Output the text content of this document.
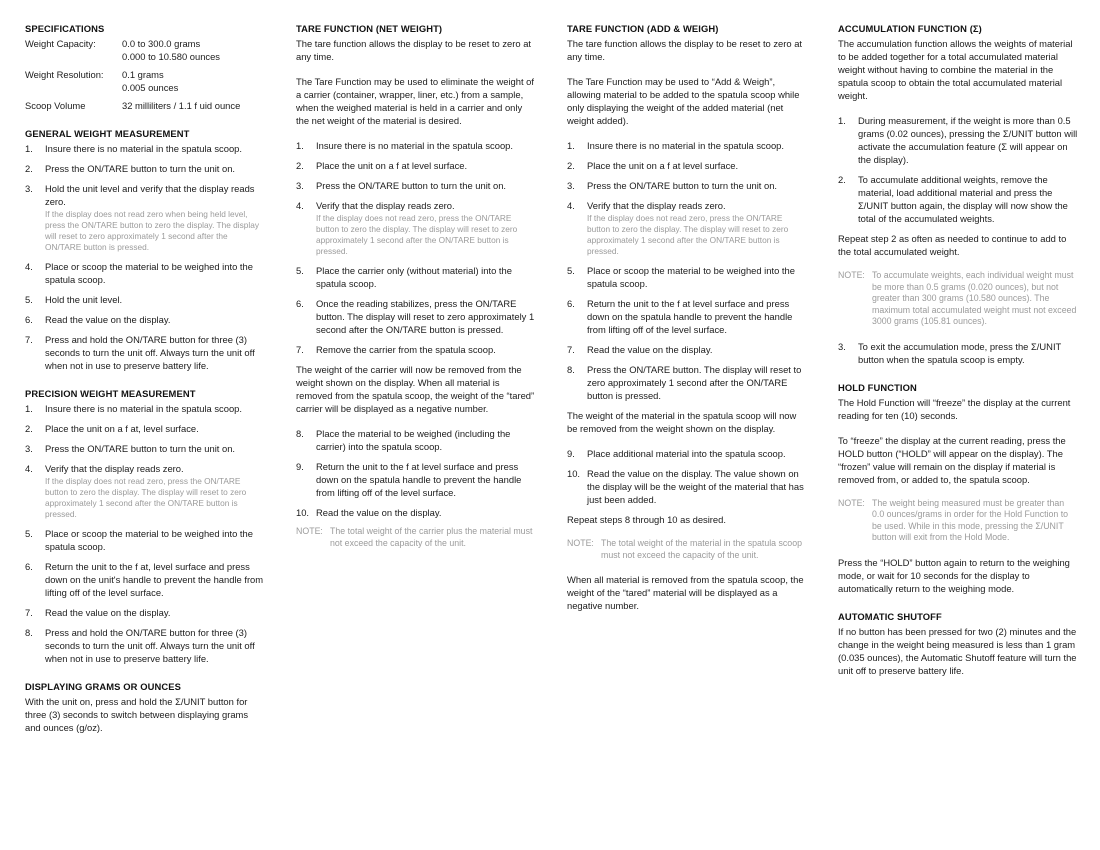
SPECIFICATIONS
Weight Capacity:	0.0 to 300.0 grams
0.000 to 10.580 ounces
Weight Resolution:	0.1 grams
0.005 ounces
Scoop Volume	32 milliliters / 1.1 f uid ounce
GENERAL WEIGHT MEASUREMENT
1.	Insure there is no material in the spatula scoop.
2.	Press the ON/TARE button to turn the unit on.
3.	Hold the unit level and verify that the display reads zero.
If the display does not read zero when being held level, press the ON/TARE button to zero the display. The display will reset to zero approximately 1 second after the ON/TARE button is pressed.
4.	Place or scoop the material to be weighed into the spatula scoop.
5.	Hold the unit level.
6.	Read the value on the display.
7.	Press and hold the ON/TARE button for three (3) seconds to turn the unit off. Always turn the unit off when not in use to preserve battery life.
PRECISION WEIGHT MEASUREMENT
1.	Insure there is no material in the spatula scoop.
2.	Place the unit on a f at, level surface.
3.	Press the ON/TARE button to turn the unit on.
4.	Verify that the display reads zero.
If the display does not read zero, press the ON/TARE button to zero the display. The display will reset to zero approximately 1 second after the ON/TARE button is pressed.
5.	Place or scoop the material to be weighed into the spatula scoop.
6.	Return the unit to the f at, level surface and press down on the unit's handle to prevent the handle from lifting off of the level surface.
7.	Read the value on the display.
8.	Press and hold the ON/TARE button for three (3) seconds to turn the unit off. Always turn the unit off when not in use to preserve battery life.
DISPLAYING GRAMS OR OUNCES
With the unit on, press and hold the Σ/UNIT button for three (3) seconds to switch between displaying grams and ounces (g/oz).
TARE FUNCTION (NET WEIGHT)
The tare function allows the display to be reset to zero at any time.
The Tare Function may be used to eliminate the weight of a carrier (container, wrapper, liner, etc.) from a sample, when the weighed material is held in a carrier and only the net weight of the material is desired.
1.	Insure there is no material in the spatula scoop.
2.	Place the unit on a f at level surface.
3.	Press the ON/TARE button to turn the unit on.
4.	Verify that the display reads zero.
If the display does not read zero, press the ON/TARE button to zero the display. The display will reset to zero approximately 1 second after the ON/TARE button is pressed.
5.	Place the carrier only (without material) into the spatula scoop.
6.	Once the reading stabilizes, press the ON/TARE button. The display will reset to zero approximately 1 second after the ON/TARE button is pressed.
7.	Remove the carrier from the spatula scoop.
The weight of the carrier will now be removed from the weight shown on the display. When all material is removed from the spatula scoop, the weight of the “tared” carrier will be displayed as a negative number.
8.	Place the material to be weighed (including the carrier) into the spatula scoop.
9.	Return the unit to the f at level surface and press down on the spatula handle to prevent the handle from lifting off of the level surface.
10. Read the value on the display.
NOTE: The total weight of the carrier plus the material must not exceed the capacity of the unit.
TARE FUNCTION (ADD & WEIGH)
The tare function allows the display to be reset to zero at any time.
The Tare Function may be used to “Add & Weigh”, allowing material to be added to the spatula scoop while only displaying the weight of the added material (net weight added).
1.	Insure there is no material in the spatula scoop.
2.	Place the unit on a f at level surface.
3.	Press the ON/TARE button to turn the unit on.
4.	Verify that the display reads zero.
If the display does not read zero, press the ON/TARE button to zero the display. The display will reset to zero approximately 1 second after the ON/TARE button is pressed.
5.	Place or scoop the material to be weighed into the spatula scoop.
6.	Return the unit to the f at level surface and press down on the spatula handle to prevent the handle from lifting off of the level surface.
7.	Read the value on the display.
8.	Press the ON/TARE button. The display will reset to zero approximately 1 second after the ON/TARE button is pressed.
The weight of the material in the spatula scoop will now be removed from the weight shown on the display.
9.	Place additional material into the spatula scoop.
10. Read the value on the display. The value shown on the display will be the weight of the material that has just been added.
Repeat steps 8 through 10 as desired.
NOTE: The total weight of the material in the spatula scoop must not exceed the capacity of the unit.
When all material is removed from the spatula scoop, the weight of the “tared” material will be displayed as a negative number.
ACCUMULATION FUNCTION (Σ)
The accumulation function allows the weights of material to be added together for a total accumulated material weight without having to combine the material in the spatula scoop to obtain the total accumulated material weight.
1.	During measurement, if the weight is more than 0.5 grams (0.02 ounces), pressing the Σ/UNIT button will activate the accumulation feature (Σ will appear on the display).
2.	To accumulate additional weights, remove the material, load additional material and press the Σ/UNIT button again, the display will now show the total of the accumulated weights.
Repeat step 2 as often as needed to continue to add to the total accumulated weight.
NOTE: To accumulate weights, each individual weight must be more than 0.5 grams (0.020 ounces), but not greater than 300 grams (10.580 ounces). The maximum total accumulated weight must not exceed 3000 grams (105.81 ounces).
3.	To exit the accumulation mode, press the Σ/UNIT button when the spatula scoop is empty.
HOLD FUNCTION
The Hold Function will “freeze” the display at the current reading for ten (10) seconds.
To “freeze” the display at the current reading, press the HOLD button (“HOLD” will appear on the display). The “frozen” value will remain on the display if material is removed from, or added to, the spatula scoop.
NOTE: The weight being measured must be greater than 0.0 ounces/grams in order for the Hold Function to be used. While in this mode, pressing the Σ/UNIT button will exit from the Hold Mode.
Press the “HOLD” button again to return to the weighing mode, or wait for 10 seconds for the display to automatically return to the weighing mode.
AUTOMATIC SHUTOFF
If no button has been pressed for two (2) minutes and the change in the weight being measured is less than 1 gram (0.035 ounces), the Automatic Shutoff feature will turn the unit off to preserve battery life.
